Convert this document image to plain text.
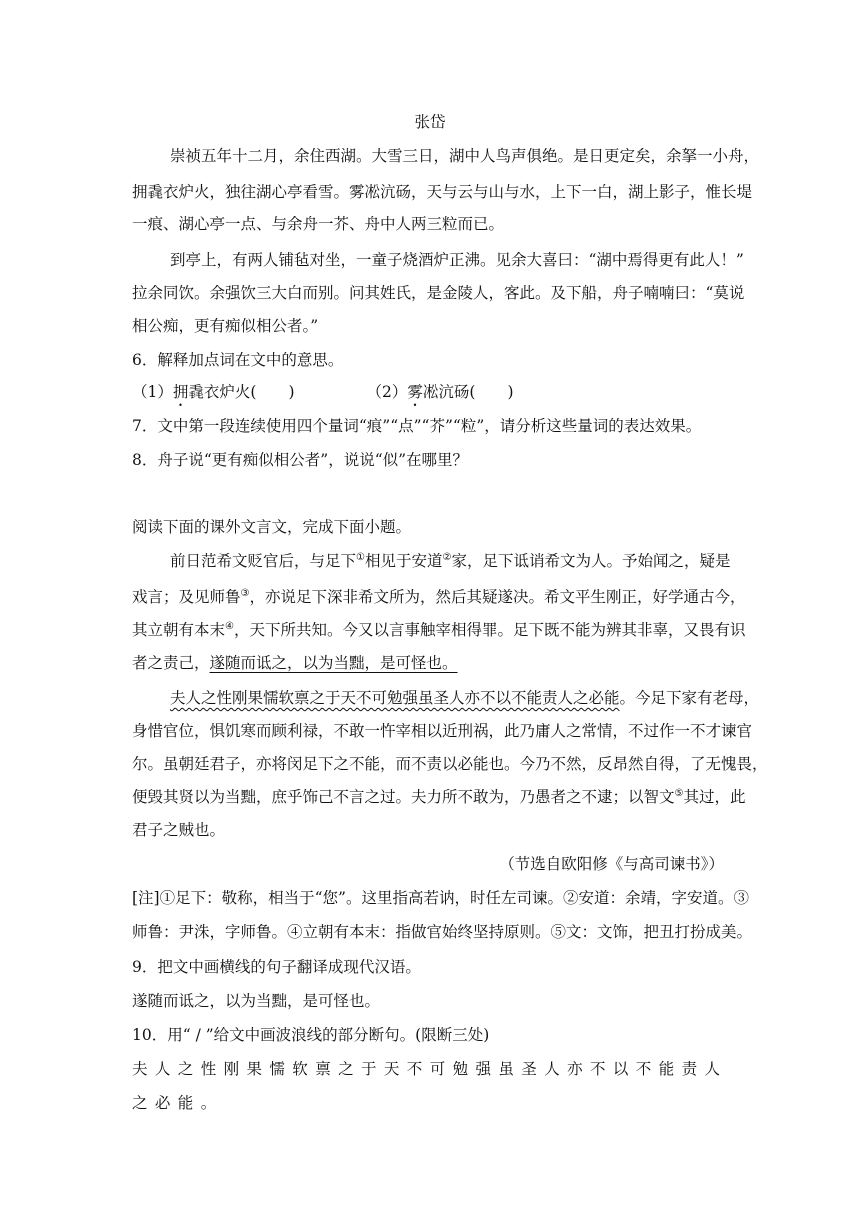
张岱
崇祯五年十二月，余住西湖。大雪三日，湖中人鸟声俱绝。是日更定矣，余拏一小舟，
拥毳衣炉火，独往湖心亭看雪。雾凇沆砀，天与云与山与水，上下一白，湖上影子，惟长堤
一痕、湖心亭一点、与余舟一芥、舟中人两三粒而已。
到亭上，有两人铺毡对坐，一童子烧酒炉正沸。见余大喜曰：“湖中焉得更有此人！”
拉余同饮。余强饮三大白而别。问其姓氏，是金陵人，客此。及下船，舟子喃喃曰：“莫说
相公痴，更有痴似相公者。”
6．解释加点词在文中的意思。
（1）拥毳衣炉火( )	（2）雾凇沆砀( )
7．文中第一段连续使用四个量词“痕”“点”“芥”“粒”，请分析这些量词的表达效果。
8．舟子说“更有痴似相公者”，说说“似”在哪里？
阅读下面的课外文言文，完成下面小题。
前日范希文贬官后，与足下①相见于安道②家，足下诋诮希文为人。予始闻之，疑是
戏言；及见师鲁③，亦说足下深非希文所为，然后其疑遂决。希文平生刚正，好学通古今，
其立朝有本末④，天下所共知。今又以言事触宰相得罪。足下既不能为辨其非辜，又畏有识
者之责己，遂随而诋之，以为当黜，是可怪也。
夫人之性刚果懦软禀之于天不可勉强虽圣人亦不以不能责人之必能。今足下家有老母，
身惜官位，惧饥寒而顾利禄，不敢一忤宰相以近刑祸，此乃庸人之常情，不过作一不才谏官
尔。虽朝廷君子，亦将闵足下之不能，而不责以必能也。今乃不然，反昂然自得，了无愧畏，
便毁其贤以为当黜，庶乎饰己不言之过。夫力所不敢为，乃愚者之不逮；以智文⑤其过，此
君子之贼也。
（节选自欧阳修《与高司谏书》）
[注]①足下：敬称，相当于“您”。这里指高若讷，时任左司谏。②安道：余靖，字安道。③
师鲁：尹洙，字师鲁。④立朝有本末：指做官始终坚持原则。⑤文：文饰，把丑打扮成美。
9．把文中画横线的句子翻译成现代汉语。
遂随而诋之，以为当黜，是可怪也。
10．用“ / ”给文中画波浪线的部分断句。(限断三处)
夫人之性刚果懦软禀之于天不可勉强虽圣人亦不以不能责人
之必能。
